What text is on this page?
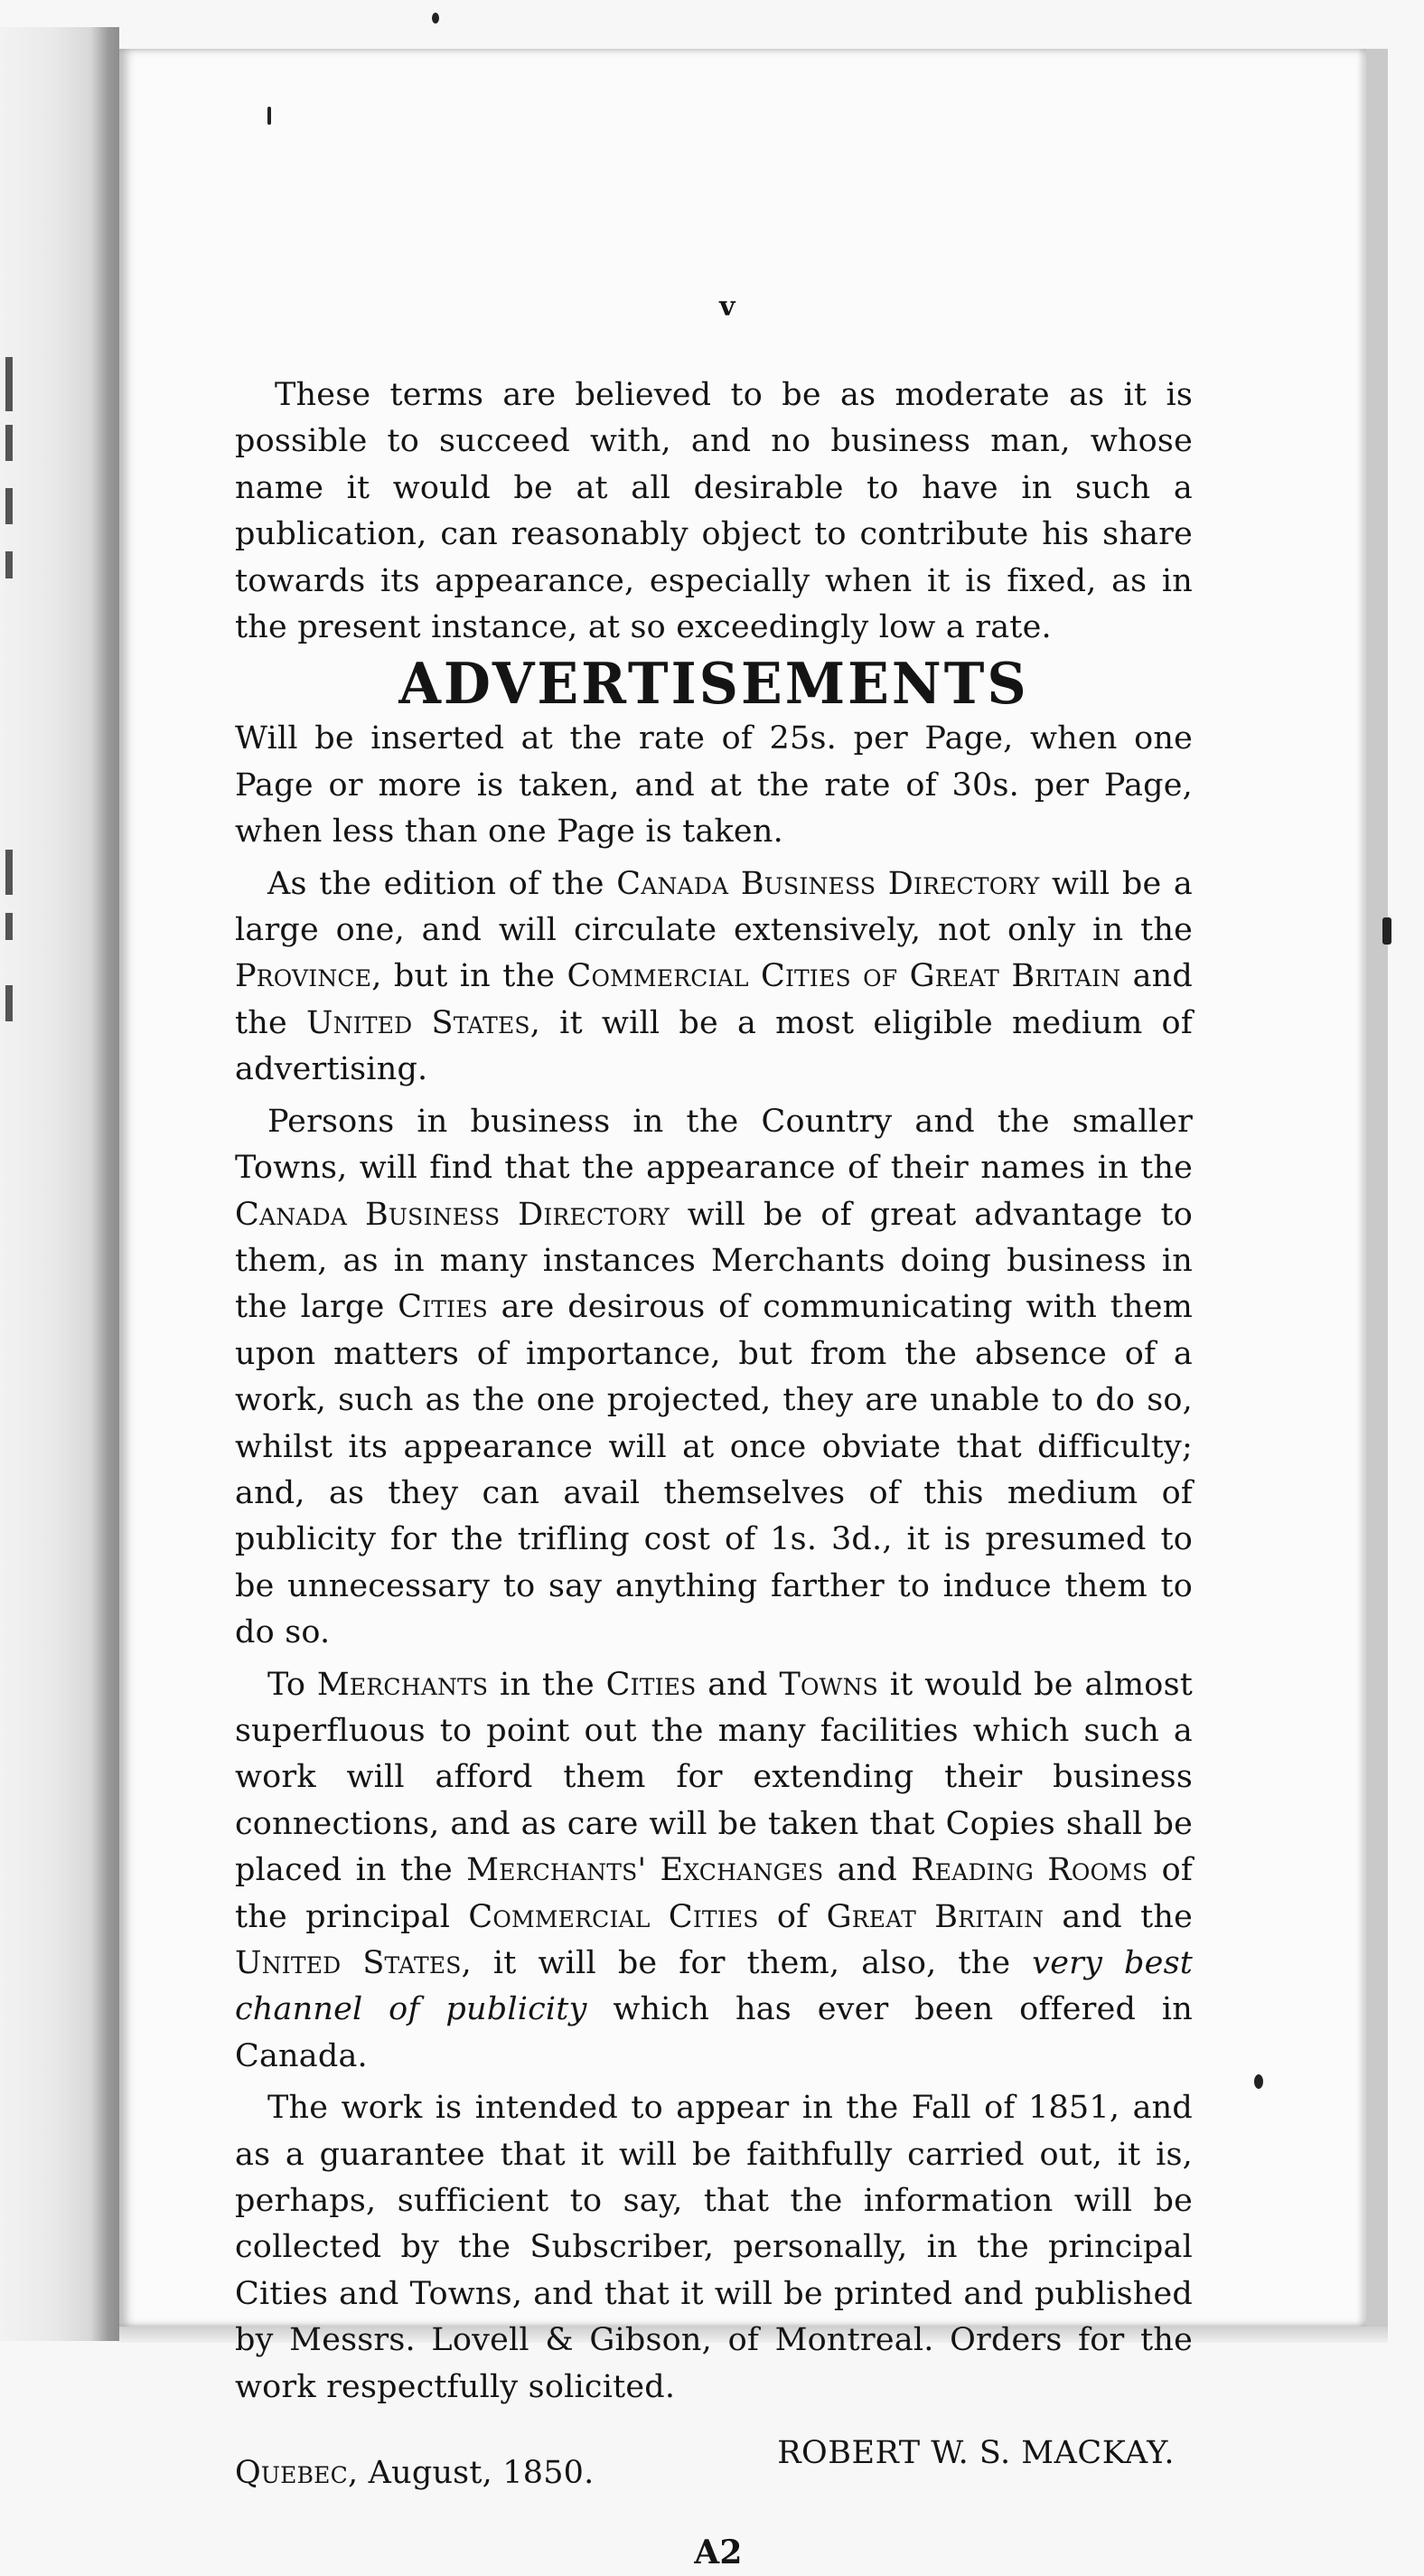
v

These terms are believed to be as moderate as it is possible to succeed with, and no business man, whose name it would be at all desirable to have in such a publication, can reasonably object to contribute his share towards its appearance, especially when it is fixed, as in the present instance, at so exceedingly low a rate.

ADVERTISEMENTS

Will be inserted at the rate of 25s. per Page, when one Page or more is taken, and at the rate of 30s. per Page, when less than one Page is taken.

As the edition of the Canada Business Directory will be a large one, and will circulate extensively, not only in the Province, but in the Commercial Cities of Great Britain and the United States, it will be a most eligible medium of advertising.

Persons in business in the Country and the smaller Towns, will find that the appearance of their names in the Canada Business Directory will be of great advantage to them, as in many instances Merchants doing business in the large Cities are desirous of communicating with them upon matters of importance, but from the absence of a work, such as the one projected, they are unable to do so, whilst its appearance will at once obviate that difficulty; and, as they can avail themselves of this medium of publicity for the trifling cost of 1s. 3d., it is presumed to be unnecessary to say anything farther to induce them to do so.

To Merchants in the Cities and Towns it would be almost superfluous to point out the many facilities which such a work will afford them for extending their business connections, and as care will be taken that Copies shall be placed in the Merchants' Exchanges and Reading Rooms of the principal Commercial Cities of Great Britain and the United States, it will be for them, also, the very best channel of publicity which has ever been offered in Canada.

The work is intended to appear in the Fall of 1851, and as a guarantee that it will be faithfully carried out, it is, perhaps, sufficient to say, that the information will be collected by the Subscriber, personally, in the principal Cities and Towns, and that it will be printed and published by Messrs. Lovell & Gibson, of Montreal. Orders for the work respectfully solicited.

Quebec, August, 1850.
ROBERT W. S. MACKAY.
A2
